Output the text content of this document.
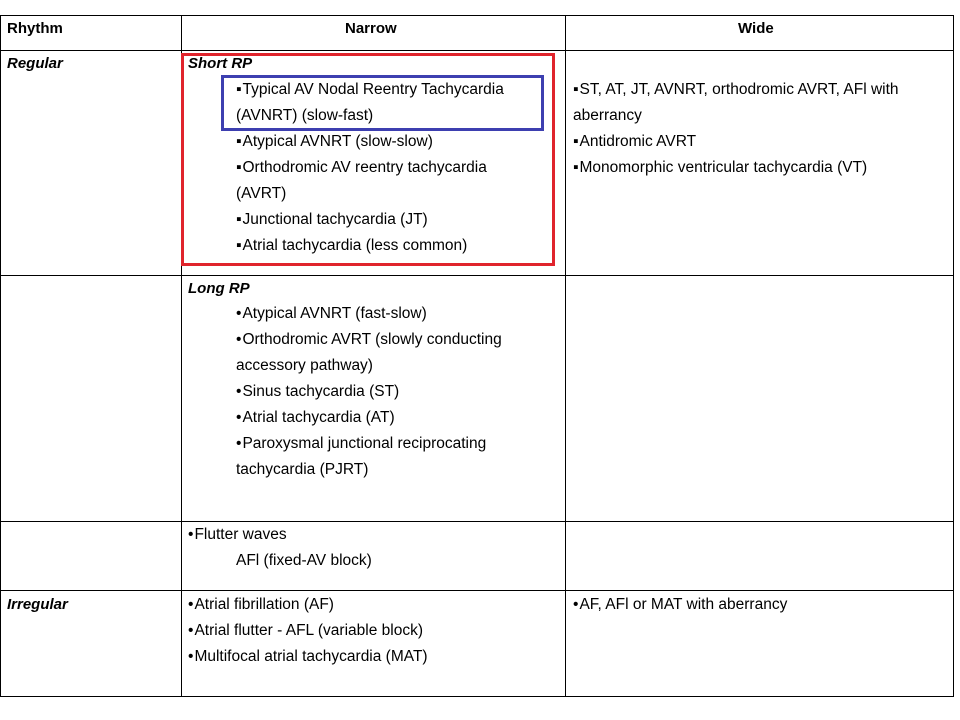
Rhythm	Narrow	Wide
Regular	Short RP
▪ Typical AV Nodal Reentry Tachycardia
(AVNRT) (slow-fast)
▪ Atypical AVNRT (slow-slow)
▪ Orthodromic AV reentry tachycardia
(AVRT)
▪ Junctional tachycardia (JT)
▪ Atrial tachycardia (less common)
▪ ST, AT, JT, AVNRT, orthodromic AVRT, AFl with
aberrancy
▪ Antidromic AVRT
▪ Monomorphic ventricular tachycardia (VT)
Long RP
• Atypical AVNRT (fast-slow)
• Orthodromic AVRT (slowly conducting
accessory pathway)
• Sinus tachycardia (ST)
• Atrial tachycardia (AT)
• Paroxysmal junctional reciprocating
tachycardia (PJRT)
• Flutter waves
AFl (fixed-AV block)
Irregular
•	Atrial fibrillation (AF)
• Atrial flutter - AFL (variable block)
• Multifocal atrial tachycardia (MAT)
• AF, AFl or MAT with aberrancy
